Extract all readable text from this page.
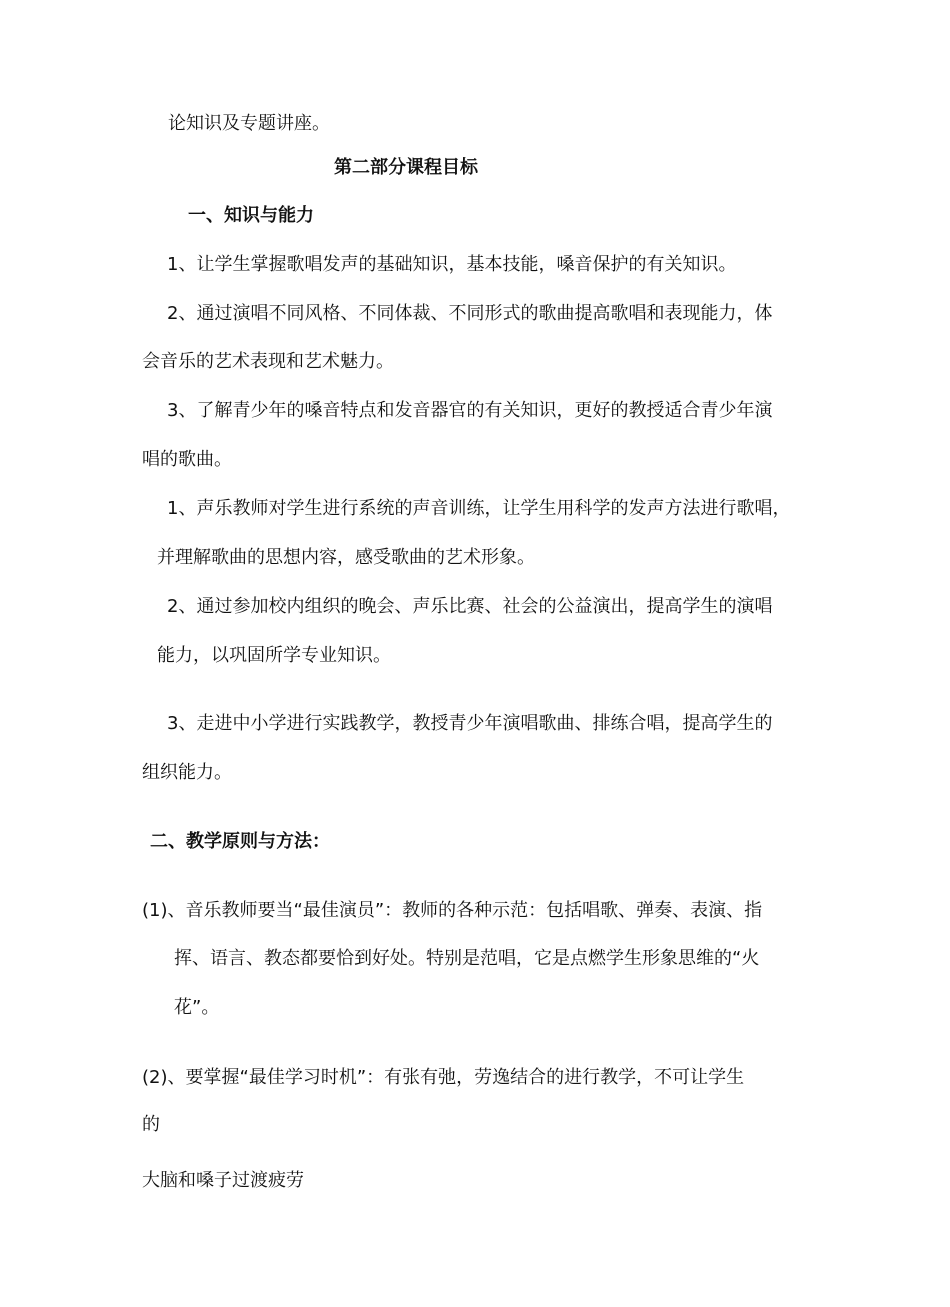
论知识及专题讲座。
第二部分课程目标
一、知识与能力
1、让学生掌握歌唱发声的基础知识，基本技能，嗓音保护的有关知识。
2、通过演唱不同风格、不同体裁、不同形式的歌曲提高歌唱和表现能力，体
会音乐的艺术表现和艺术魅力。
3、了解青少年的嗓音特点和发音器官的有关知识，更好的教授适合青少年演
唱的歌曲。
1、声乐教师对学生进行系统的声音训练，让学生用科学的发声方法进行歌唱，
并理解歌曲的思想内容，感受歌曲的艺术形象。
2、通过参加校内组织的晚会、声乐比赛、社会的公益演出，提高学生的演唱
能力，以巩固所学专业知识。
3、走进中小学进行实践教学，教授青少年演唱歌曲、排练合唱，提高学生的
组织能力。
二、教学原则与方法：
(1)、音乐教师要当“最佳演员”：教师的各种示范：包括唱歌、弹奏、表演、指
挥、语言、教态都要恰到好处。特别是范唱，它是点燃学生形象思维的“火
花”。
(2)、要掌握“最佳学习时机”：有张有弛，劳逸结合的进行教学，不可让学生
的
大脑和嗓子过渡疲劳
